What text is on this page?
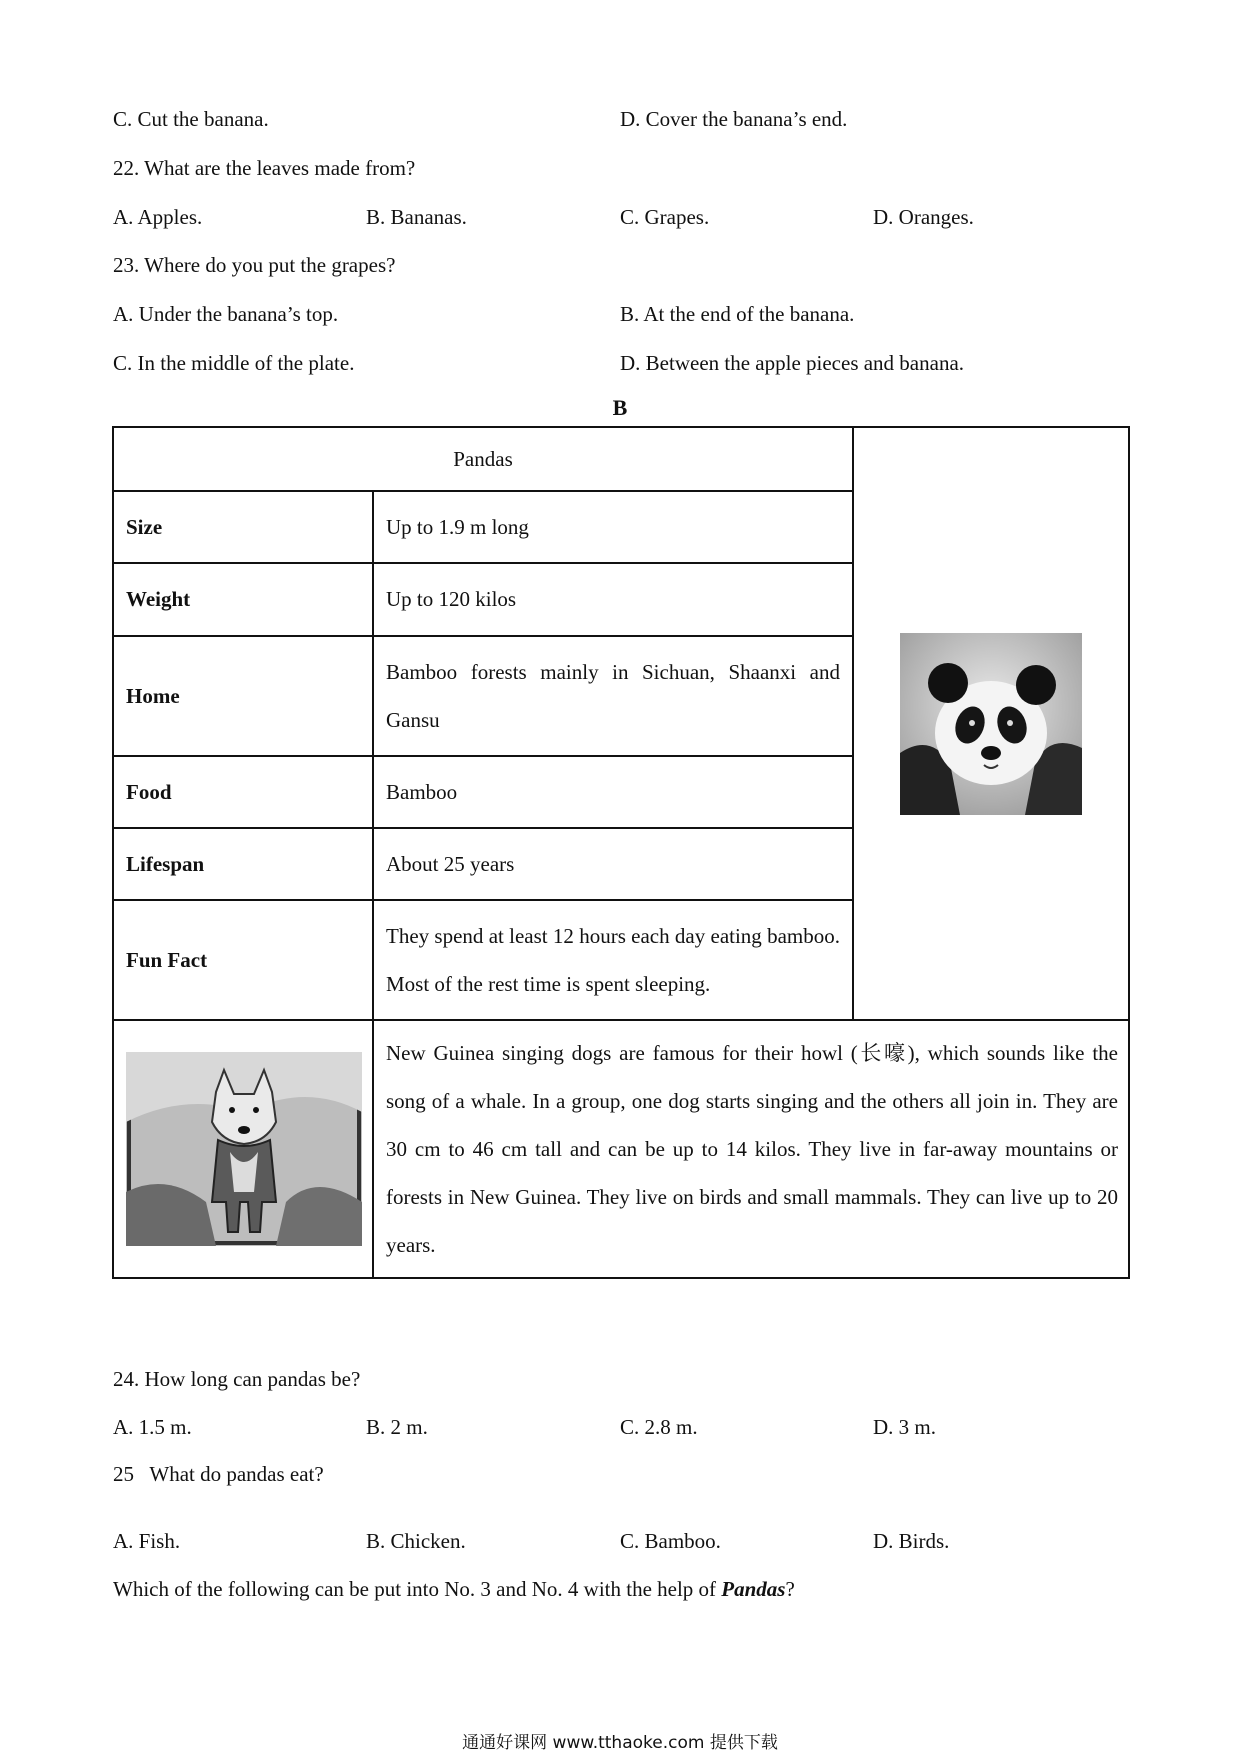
C. Cut the banana.	D. Cover the banana’s end.
22. What are the leaves made from?
A. Apples.	B. Bananas.	C. Grapes.	D. Oranges.
23. Where do you put the grapes?
A. Under the banana’s top.	B. At the end of the banana.
C. In the middle of the plate.	D. Between the apple pieces and banana.
B
Pandas	

Size	Up to 1.9 m long	
Weight	Up to 120 kilos	
Home	Bamboo forests mainly in Sichuan, Shaanxi and Gansu	
Food	Bamboo	
Lifespan	About 25 years	
Fun Fact	They spend at least 12 hours each day eating bamboo. Most of the rest time is spent sleeping.	

	New Guinea singing dogs are famous for their howl (长嚎), which sounds like the song of a whale. In a group, one dog starts singing and the others all join in. They are 30 cm to 46 cm tall and can be up to 14 kilos. They live in far-away mountains or forests in New Guinea. They live on birds and small mammals. They can live up to 20 years.	
24. How long can pandas be?
A. 1.5 m.	B. 2 m.	C. 2.8 m.	D. 3 m.
25   What do pandas eat?
A. Fish.	B. Chicken.	C. Bamboo.	D. Birds.
Which of the following can be put into No. 3 and No. 4 with the help of Pandas?
通通好课网 www.tthaoke.com 提供下载
